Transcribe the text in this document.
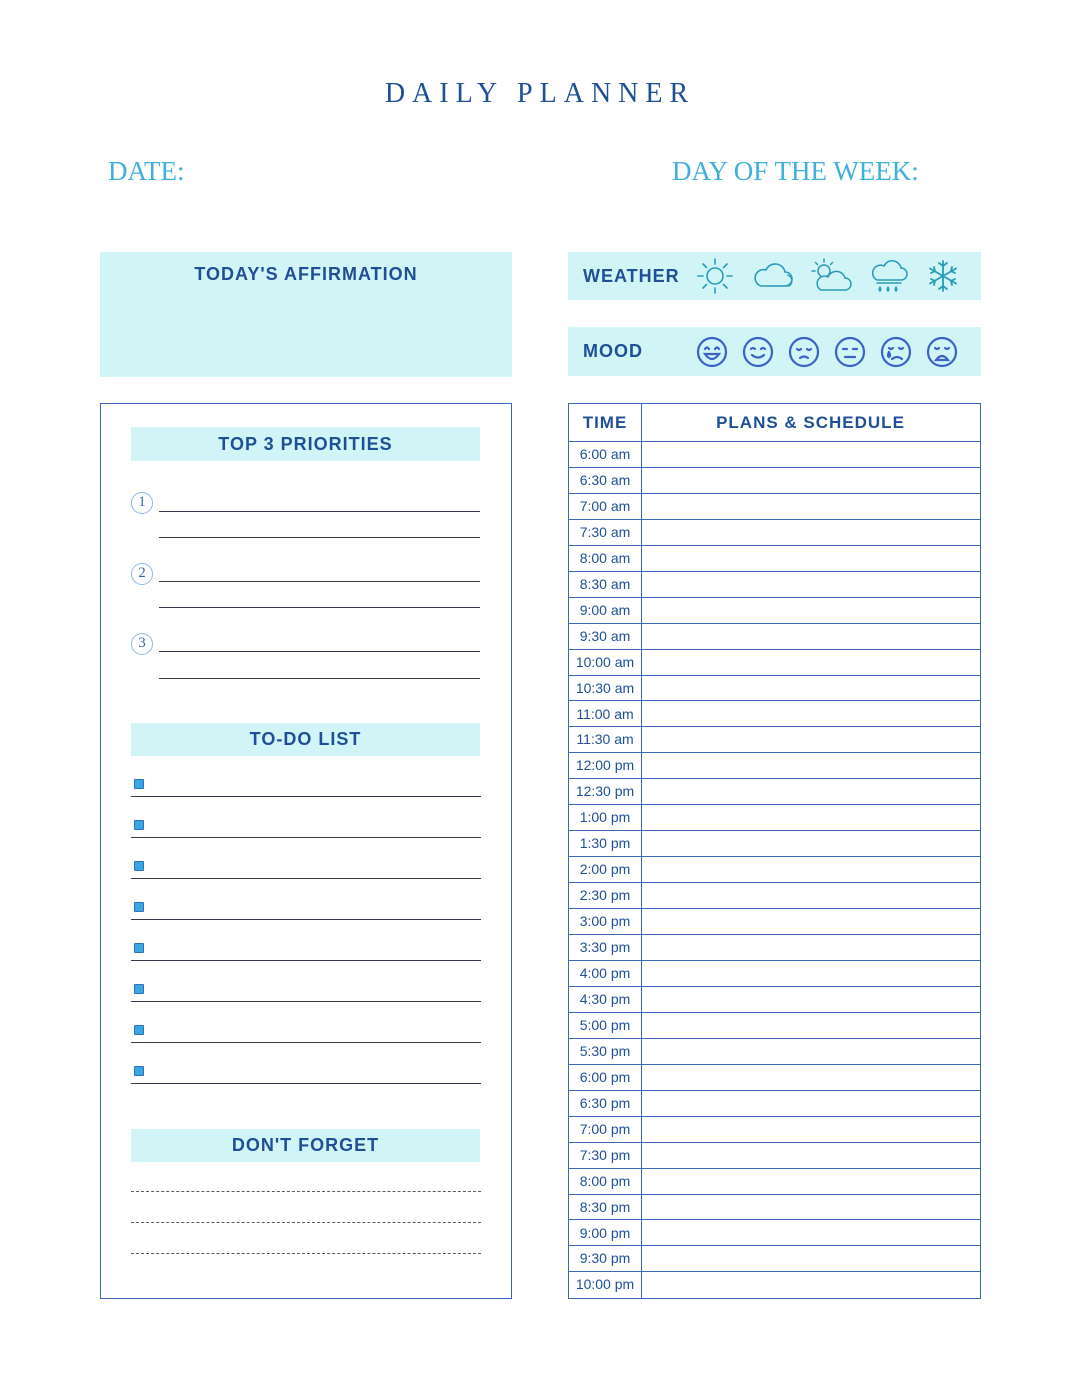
DAILY PLANNER
DATE:	DAY OF THE WEEK:
TODAY'S AFFIRMATION	WEATHER
MOOD
TOP 3 PRIORITIES
1
2
3
TO-DO LIST
DON'T FORGET
TIME	PLANS & SCHEDULE
6:00 am
6:30 am
7:00 am
7:30 am
8:00 am
8:30 am
9:00 am
9:30 am
10:00 am
10:30 am
11:00 am
11:30 am
12:00 pm
12:30 pm
1:00 pm
1:30 pm
2:00 pm
2:30 pm
3:00 pm
3:30 pm
4:00 pm
4:30 pm
5:00 pm
5:30 pm
6:00 pm
6:30 pm
7:00 pm
7:30 pm
8:00 pm
8:30 pm
9:00 pm
9:30 pm
10:00 pm
